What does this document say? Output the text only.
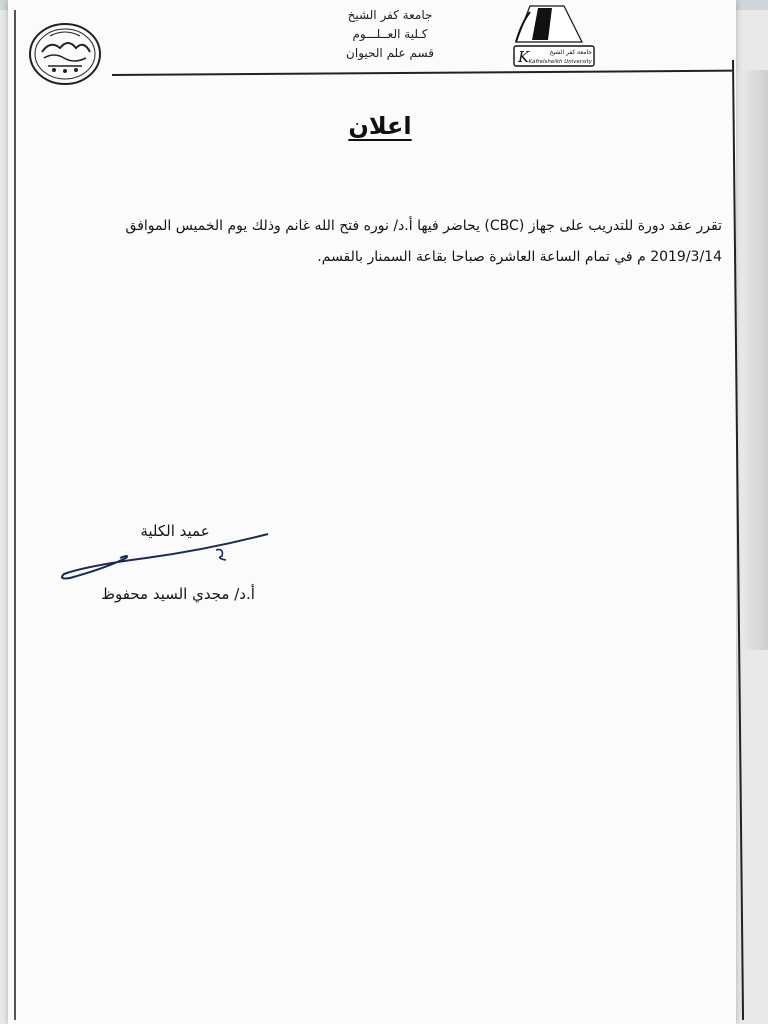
K	جامعة كفر الشيخ
Kafrelsheikh University
جامعة كفر الشيخ
كـلية العــلـــوم
قسم علم الحيوان
اعلان
تقرر عقد دورة للتدريب على جهاز (CBC) يحاضر فيها أ.د/ نوره فتح الله غانم وذلك يوم الخميس الموافق
2019/3/14 م في تمام الساعة العاشرة صباحا بقاعة السمنار بالقسم.
عميد الكلية
أ.د/ مجدي السيد محفوظ
